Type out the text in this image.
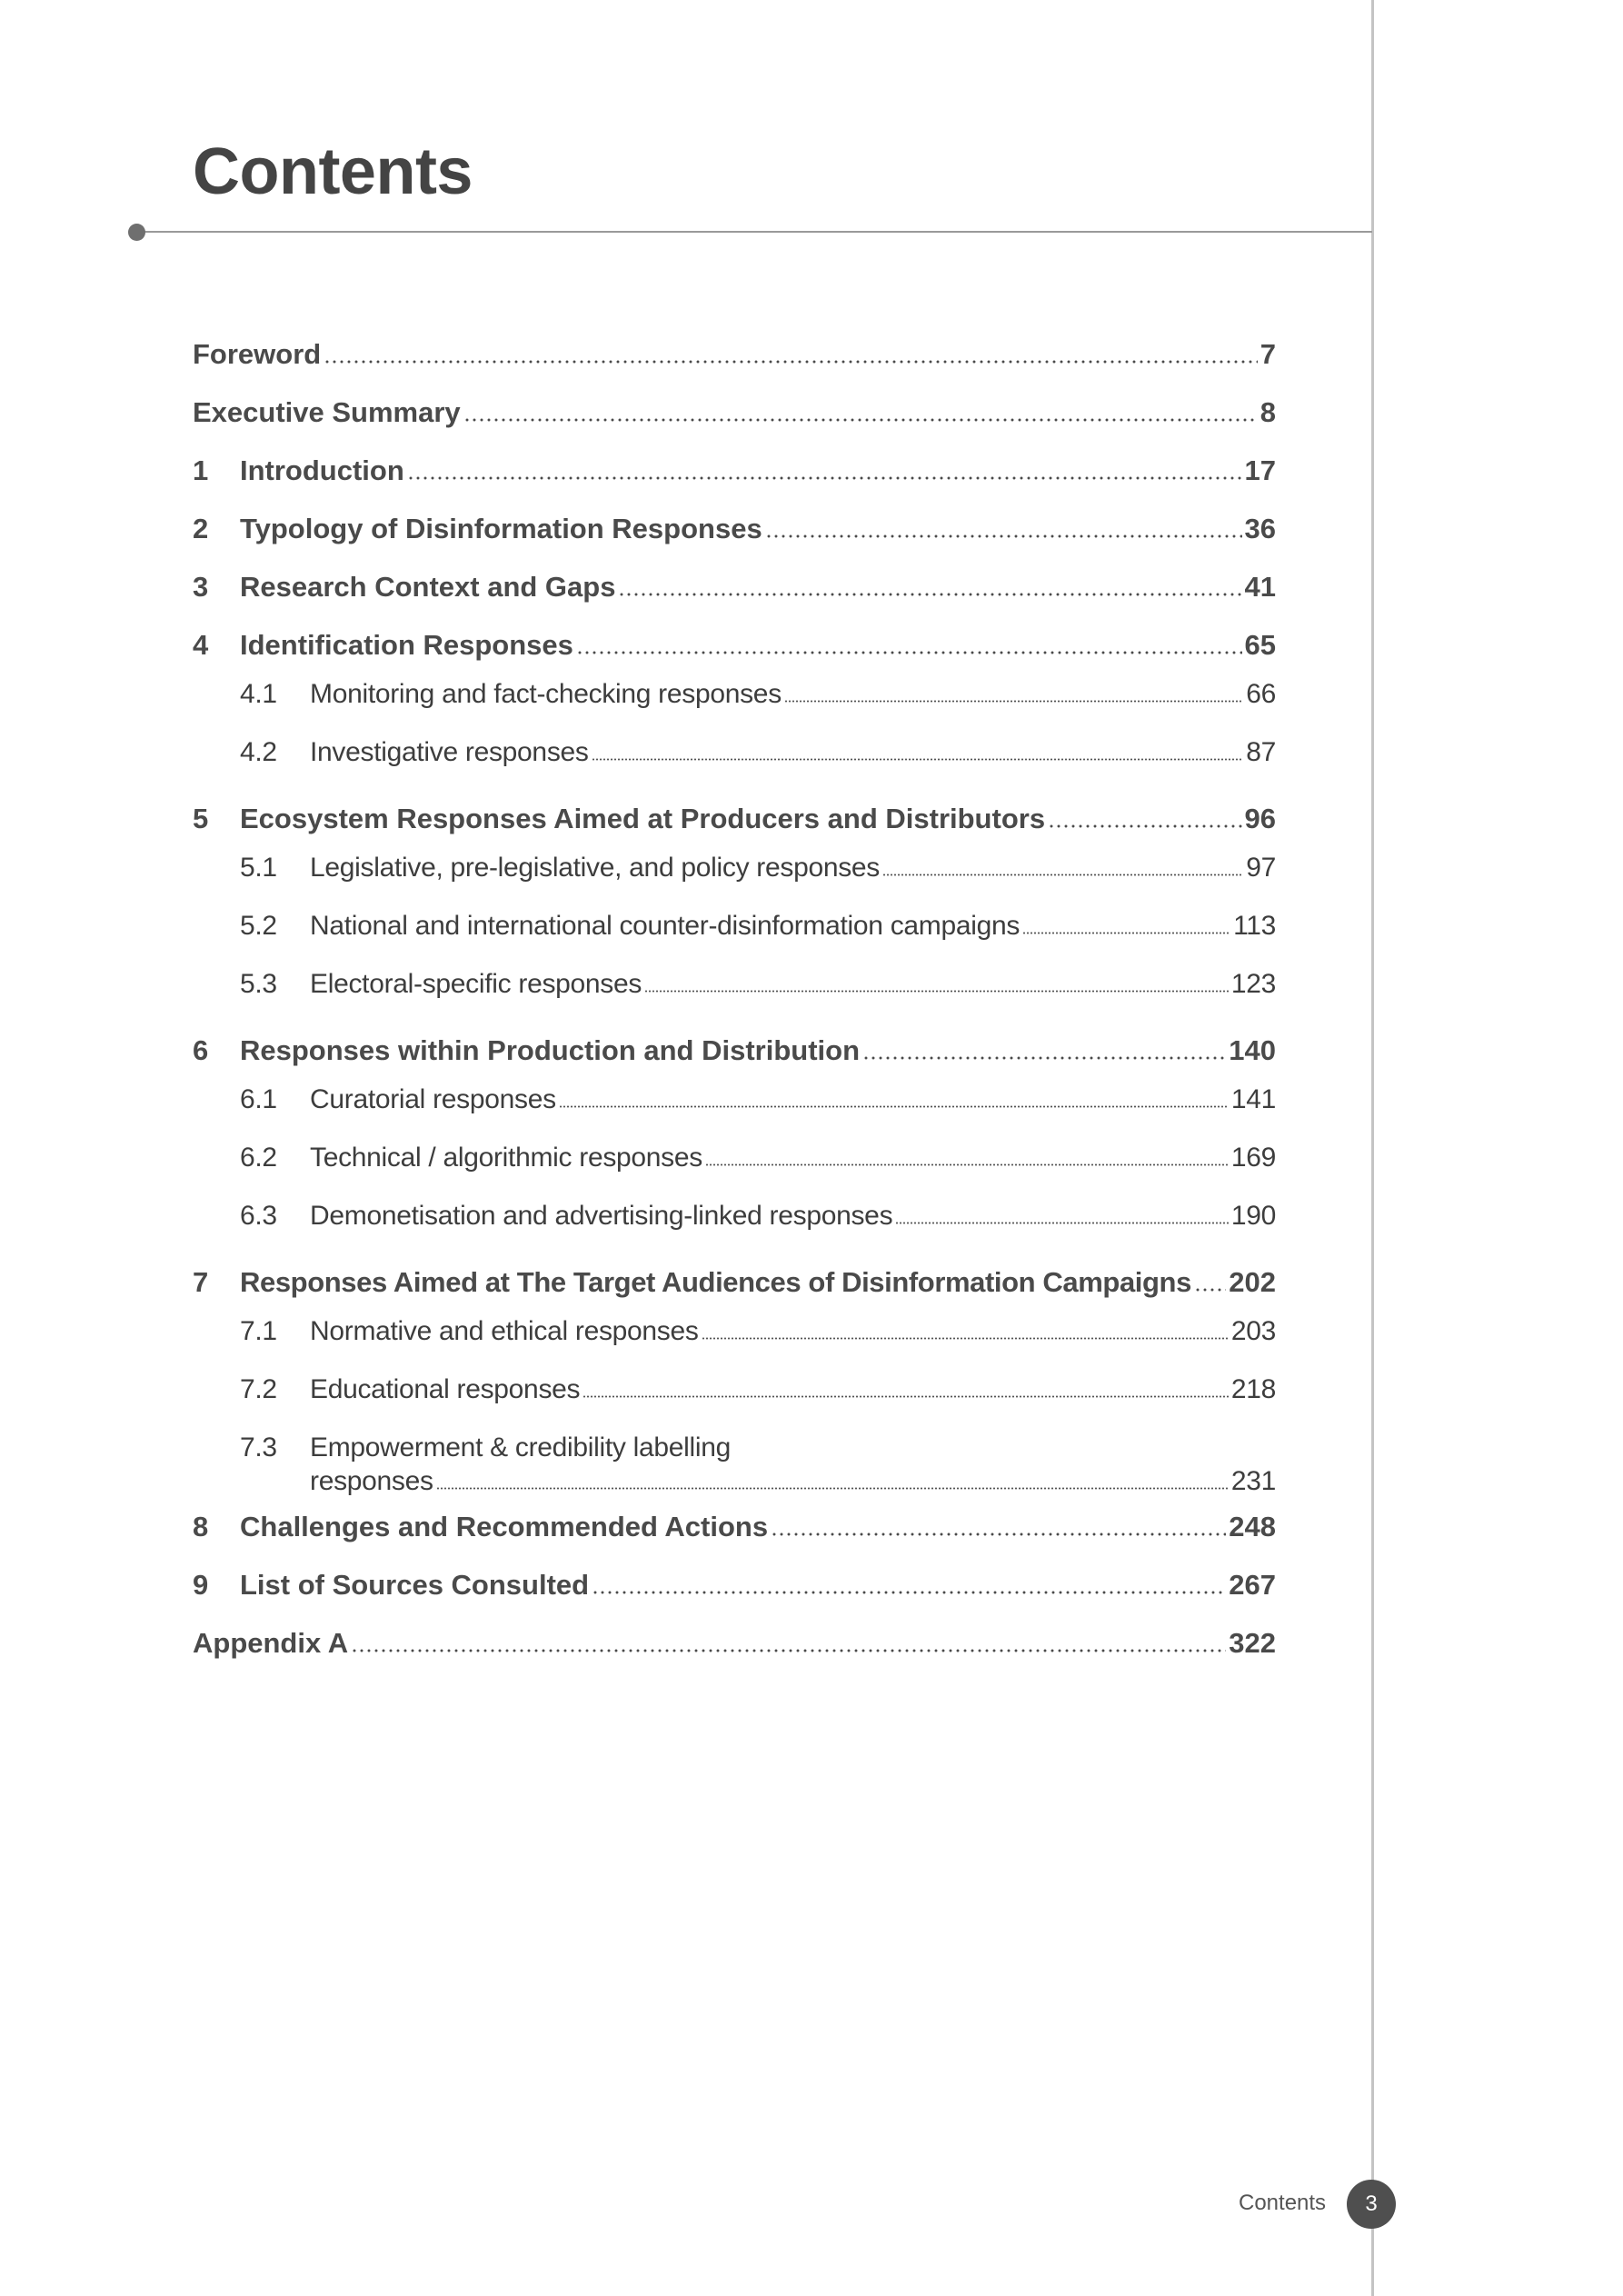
Contents
Foreword	7
Executive Summary	8
1	Introduction	17
2	Typology of Disinformation Responses	36
3	Research Context and Gaps	41
4	Identification Responses	65
4.1	Monitoring and fact-checking responses	66
4.2	Investigative responses	87
5	Ecosystem Responses Aimed at Producers and Distributors	96
5.1	Legislative, pre-legislative, and policy responses	97
5.2	National and international counter-disinformation campaigns	113
5.3	Electoral-specific responses	123
6	Responses within Production and Distribution	140
6.1	Curatorial responses	141
6.2	Technical / algorithmic responses	169
6.3	Demonetisation and advertising-linked responses	190
7	Responses Aimed at The Target Audiences of Disinformation Campaigns 202
7.1	Normative and ethical responses	203
7.2	Educational responses	218
7.3	Empowerment & credibility labelling
responses	231
8	Challenges and Recommended Actions	248
9	List of Sources Consulted	267
Appendix A	322
Contents	3
